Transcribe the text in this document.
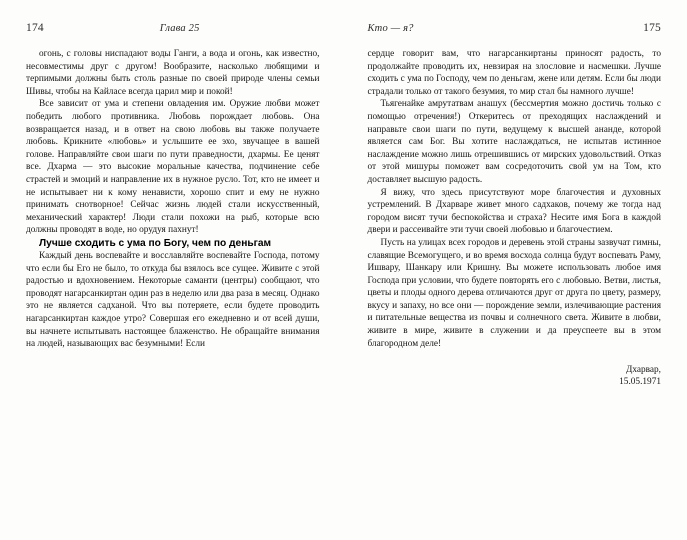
174	Глава 25

огонь, с головы ниспадают воды Ганги, а вода и огонь, как известно, несовместимы друг с другом! Вообразите, насколько любящими и терпимыми должны быть столь разные по своей природе члены семьи Шивы, чтобы на Кайласе всегда царил мир и покой!

Все зависит от ума и степени овладения им. Оружие любви может победить любого противника. Любовь порождает любовь. Она возвращается назад, и в ответ на свою любовь вы также получаете любовь. Крикните «любовь» и услышите ее эхо, звучащее в вашей голове. Направляйте свои шаги по пути праведности, дхармы. Ее ценят все. Дхарма — это высокие моральные качества, подчинение себе страстей и эмоций и направление их в нужное русло. Тот, кто не имеет и не испытывает ни к кому ненависти, хорошо спит и ему не нужно принимать снотворное! Сейчас жизнь людей стали искусственный, механический характер! Люди стали похожи на рыб, которые всю должны проводят в воде, но орудуя пахнут!

Лучше сходить с ума по Богу, чем по деньгам

Каждый день воспевайте и восславляйте воспевайте Господа, потому что если бы Его не было, то откуда бы взялось все сущее. Живите с этой радостью и вдохновением. Некоторые саманти (центры) сообщают, что проводят нагарсанкиртан один раз в неделю или два раза в месяц. Однако это не является садханой. Что вы потеряете, если будете проводить нагарсанкиртан каждое утро? Совершая его ежедневно и от всей души, вы начнете испытывать настоящее блаженство. Не обращайте внимания на людей, называющих вас безумными! Если

Кто — я?	175

сердце говорит вам, что нагарсанкиртаны приносят радость, то продолжайте проводить их, невзирая на злословие и насмешки. Лучше сходить с ума по Господу, чем по деньгам, жене или детям. Если бы люди страдали только от такого безумия, то мир стал бы намного лучше!

Тьягенайке амрутатвам анашух (бессмертия можно достичь только с помощью отречения!) Откеритесь от преходящих наслаждений и направьте свои шаги по пути, ведущему к высшей ананде, которой является сам Бог. Вы хотите наслаждаться, не испытав истинное наслаждение можно лишь отрешившись от мирских удовольствий. Отказ от этой мишуры поможет вам сосредоточить свой ум на Том, кто доставляет высшую радость.

Я вижу, что здесь присутствуют море благочестия и духовных устремлений. В Дхарваре живет много садхаков, почему же тогда над городом висят тучи беспокойства и страха? Несите имя Бога в каждой двери и рассеивайте эти тучи своей любовью и благочестием.

Пусть на улицах всех городов и деревень этой страны зазвучат гимны, славящие Всемогущего, и во время восхода солнца будут воспевать Раму, Ишвару, Шанкару или Кришну. Вы можете использовать любое имя Господа при условии, что будете повторять его с любовью. Ветви, листья, цветы и плоды одного дерева отличаются друг от друга по цвету, размеру, вкусу и запаху, но все они — порождение земли, излечивающие растения и питательные вещества из почвы и солнечного света. Живите в любви, живите в мире, живите в служении и да преуспеете вы в этом благородном деле!

Дхарвар,
15.05.1971
